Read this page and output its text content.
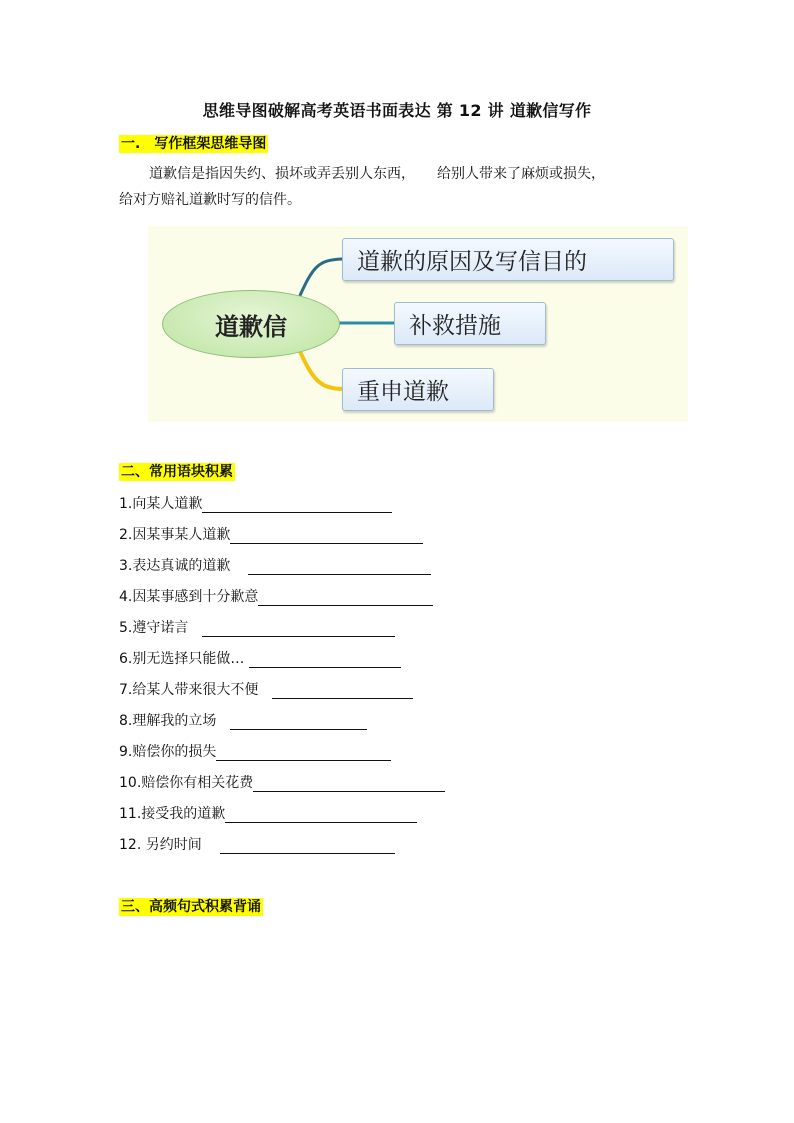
思维导图破解高考英语书面表达 第 12 讲 道歉信写作
一. 写作框架思维导图
道歉信是指因失约、损坏或弄丢别人东西， 给别人带来了麻烦或损失，
给对方赔礼道歉时写的信件。
道歉信
道歉的原因及写信目的
补救措施
重申道歉
二、常用语块积累
1.向某人道歉
2.因某事某人道歉
3.表达真诚的道歉
4.因某事感到十分歉意
5.遵守诺言
6.别无选择只能做…
7.给某人带来很大不便
8.理解我的立场
9.赔偿你的损失
10.赔偿你有相关花费
11.接受我的道歉
12. 另约时间
三、高频句式积累背诵
